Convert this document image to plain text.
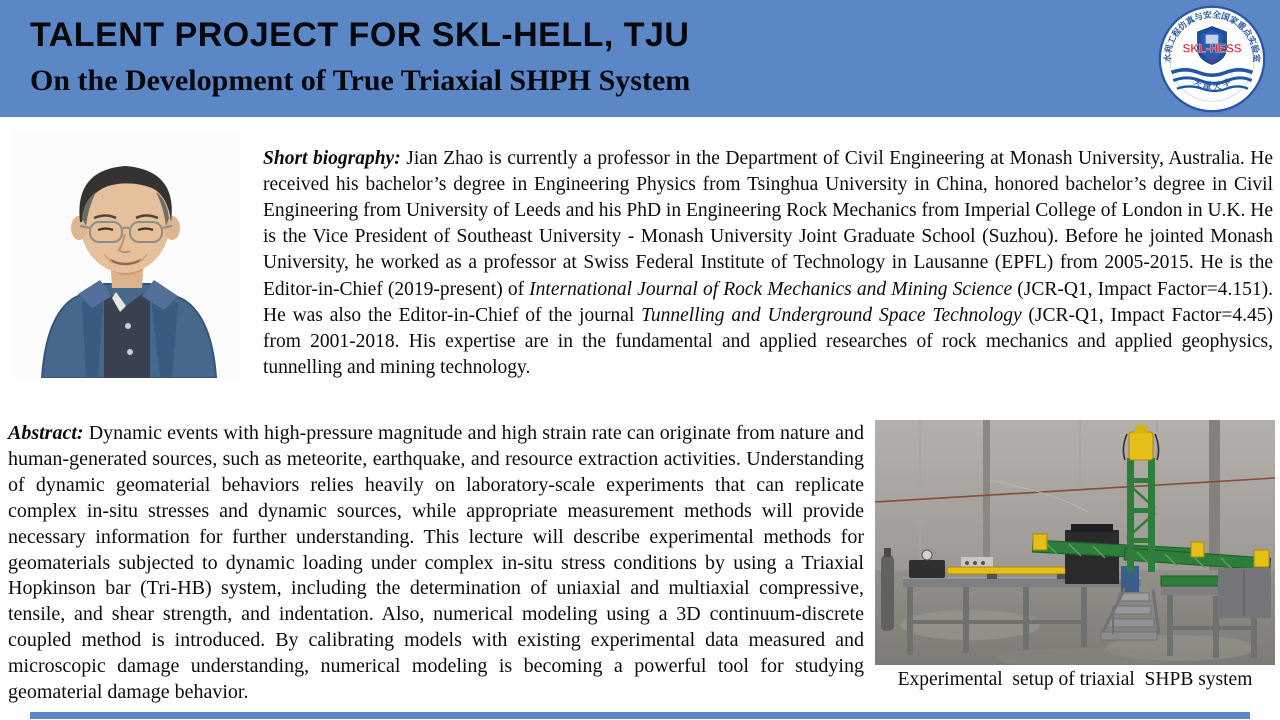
TALENT PROJECT FOR SKL-HELL, TJU
On the Development of True Triaxial SHPH System
水利工程仿真与安全国家重点实验室
SKL-HESS
1895
天 津 大 学

Short biography: Jian Zhao is currently a professor in the Department of Civil Engineering at Monash University, Australia. He received his bachelor’s degree in Engineering Physics from Tsinghua University in China, honored bachelor’s degree in Civil Engineering from University of Leeds and his PhD in Engineering Rock Mechanics from Imperial College of London in U.K. He is the Vice President of Southeast University - Monash University Joint Graduate School (Suzhou). Before he jointed Monash University, he worked as a professor at Swiss Federal Institute of Technology in Lausanne (EPFL) from 2005-2015. He is the Editor-in-Chief (2019-present) of International Journal of Rock Mechanics and Mining Science (JCR-Q1, Impact Factor=4.151). He was also the Editor-in-Chief of the journal Tunnelling and Underground Space Technology (JCR-Q1, Impact Factor=4.45) from 2001-2018. His expertise are in the fundamental and applied researches of rock mechanics and applied geophysics, tunnelling and mining technology.

Abstract: Dynamic events with high-pressure magnitude and high strain rate can originate from nature and human-generated sources, such as meteorite, earthquake, and resource extraction activities. Understanding of dynamic geomaterial behaviors relies heavily on laboratory-scale experiments that can replicate complex in-situ stresses and dynamic sources, while appropriate measurement methods will provide necessary information for further understanding. This lecture will describe experimental methods for geomaterials subjected to dynamic loading under complex in-situ stress conditions by using a Triaxial Hopkinson bar (Tri-HB) system, including the determination of uniaxial and multiaxial compressive, tensile, and shear strength, and indentation. Also, numerical modeling using a 3D continuum-discrete coupled method is introduced. By calibrating models with existing experimental data measured and microscopic damage understanding, numerical modeling is becoming a powerful tool for studying geomaterial damage behavior.

Experimental  setup of triaxial  SHPB system
